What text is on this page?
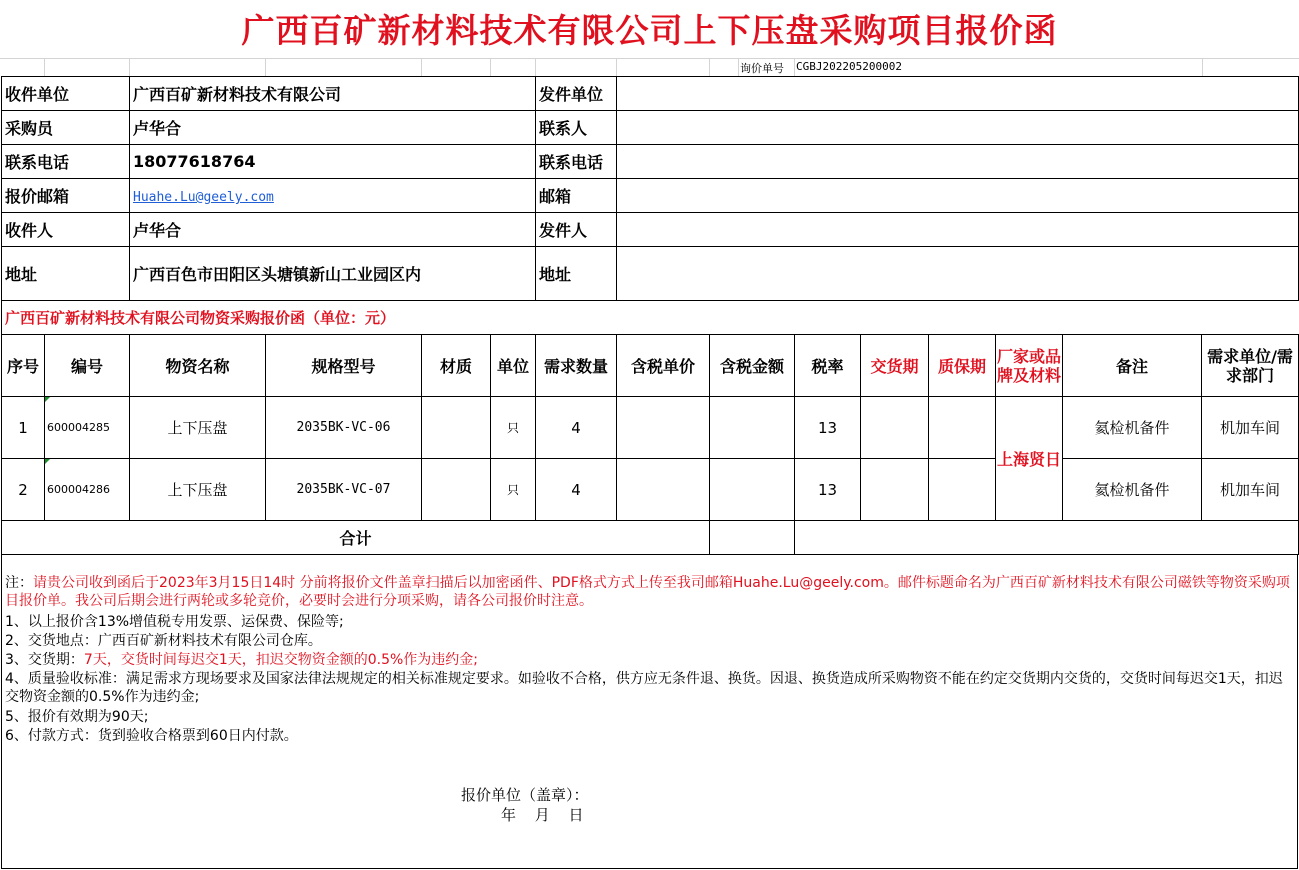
广西百矿新材料技术有限公司上下压盘采购项目报价函
询价单号 CGBJ202205200002
收件单位	广西百矿新材料技术有限公司	发件单位	
采购员	卢华合	联系人	
联系电话	18077618764	联系电话	
报价邮箱	Huahe.Lu@geely.com	邮箱	
收件人	卢华合	发件人	
地址	广西百色市田阳区头塘镇新山工业园区内	地址	
广西百矿新材料技术有限公司物资采购报价函（单位：元）
序号	编号	物资名称	规格型号	材质	单位	需求数量	含税单价	含税金额	税率	交货期	质保期	厂家或品牌及材料	备注	需求单位/需求部门
1	600004285	上下压盘	2035BK-VC-06		只	4			13			上海贤日	氦检机备件	机加车间
2	600004286	上下压盘	2035BK-VC-07		只	4			13				氦检机备件	机加车间
合计														

注：请贵公司收到函后于2023年3月15日14时 分前将报价文件盖章扫描后以加密函件、PDF格式方式上传至我司邮箱Huahe.Lu@geely.com。邮件标题命名为广西百矿新材料技术有限公司磁铁等物资采购项目报价单。我公司后期会进行两轮或多轮竞价，必要时会进行分项采购，请各公司报价时注意。

1、以上报价含13%增值税专用发票、运保费、保险等;

2、交货地点：广西百矿新材料技术有限公司仓库。

3、交货期：7天，交货时间每迟交1天，扣迟交物资金额的0.5%作为违约金;

4、质量验收标准：满足需求方现场要求及国家法律法规规定的相关标准规定要求。如验收不合格，供方应无条件退、换货。因退、换货造成所采购物资不能在约定交货期内交货的，交货时间每迟交1天，扣迟交物资金额的0.5%作为违约金;

5、报价有效期为90天;

6、付款方式：货到验收合格票到60日内付款。

报价单位（盖章）：
年 月 日
